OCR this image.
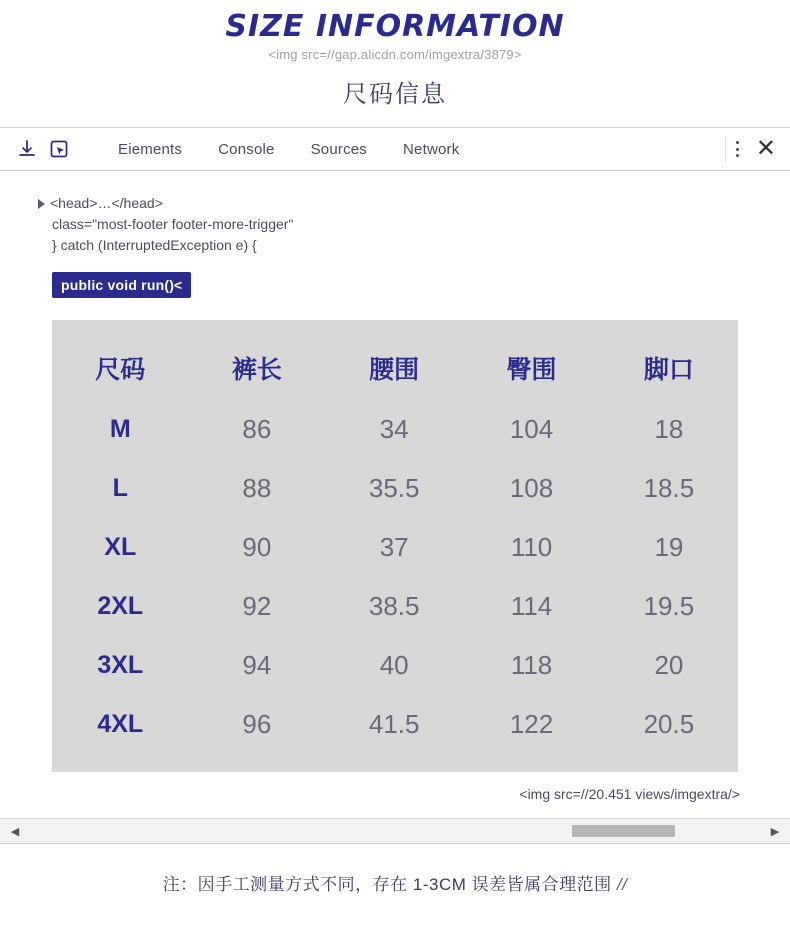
SIZE INFORMATION
<img src=//gap.alicdn.com/imgextra/3879>
尺码信息
Eiements	Console	Sources	Network	✕
<head>…</head>
class="most-footer footer-more-trigger"
} catch (InterruptedException e) {
public void run()<
尺码	裤长	腰围	臀围	脚口
M	86	34	104	18
L	88	35.5	108	18.5
XL	90	37	110	19
2XL	92	38.5	114	19.5
3XL	94	40	118	20
4XL	96	41.5	122	20.5
<img src=//20.451 views/imgextra/>
◀	▶
注：因手工测量方式不同，存在 1-3CM 误差皆属合理范围 //
